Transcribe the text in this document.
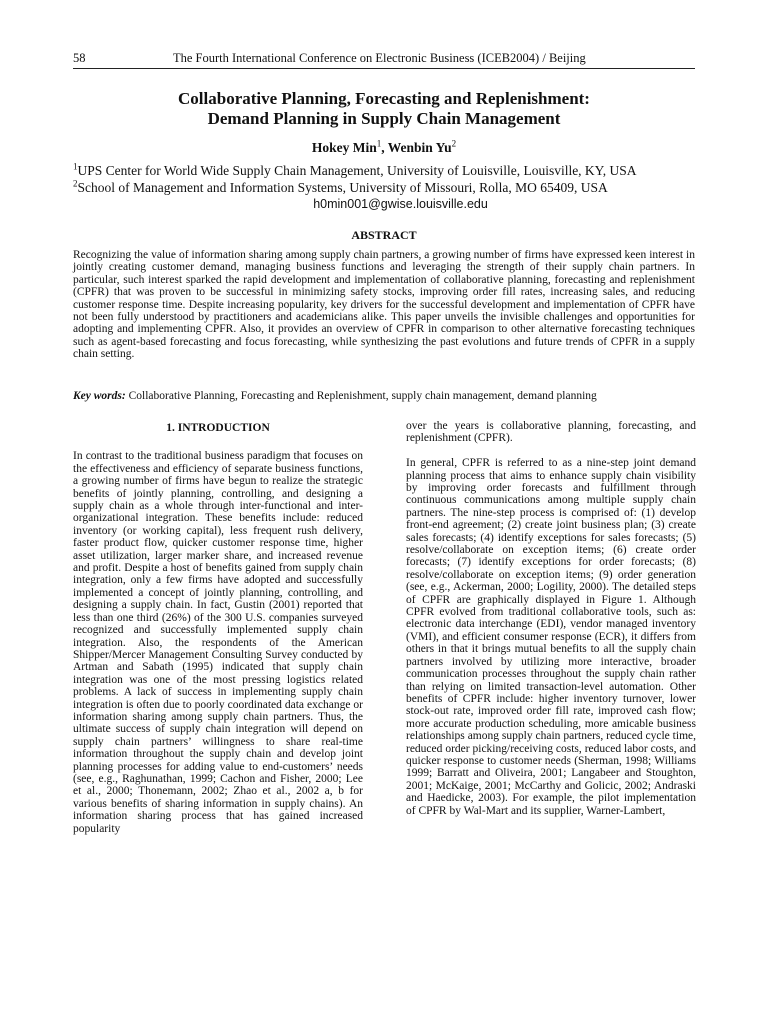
58	The Fourth International Conference on Electronic Business (ICEB2004) / Beijing
Collaborative Planning, Forecasting and Replenishment:
Demand Planning in Supply Chain Management
Hokey Min$^1$, Wenbin Yu$^2$
$^1$UPS Center for World Wide Supply Chain Management, University of Louisville, Louisville, KY, USA
$^2$School of Management and Information Systems, University of Missouri, Rolla, MO 65409, USA
h0min001@gwise.louisville.edu
ABSTRACT
Recognizing the value of information sharing among supply chain partners, a growing number of firms have expressed keen interest in jointly creating customer demand, managing business functions and leveraging the strength of their supply chain partners. In particular, such interest sparked the rapid development and implementation of collaborative planning, forecasting and replenishment (CPFR) that was proven to be successful in minimizing safety stocks, improving order fill rates, increasing sales, and reducing customer response time. Despite increasing popularity, key drivers for the successful development and implementation of CPFR have not been fully understood by practitioners and academicians alike. This paper unveils the invisible challenges and opportunities for adopting and implementing CPFR. Also, it provides an overview of CPFR in comparison to other alternative forecasting techniques such as agent-based forecasting and focus forecasting, while synthesizing the past evolutions and future trends of CPFR in a supply chain setting.
Key words: Collaborative Planning, Forecasting and Replenishment, supply chain management, demand planning
1. INTRODUCTION

In contrast to the traditional business paradigm that focuses on the effectiveness and efficiency of separate business functions, a growing number of firms have begun to realize the strategic benefits of jointly planning, controlling, and designing a supply chain as a whole through inter-functional and inter-organizational integration. These benefits include: reduced inventory (or working capital), less frequent rush delivery, faster product flow, quicker customer response time, higher asset utilization, larger marker share, and increased revenue and profit. Despite a host of benefits gained from supply chain integration, only a few firms have adopted and successfully implemented a concept of jointly planning, controlling, and designing a supply chain. In fact, Gustin (2001) reported that less than one third (26%) of the 300 U.S. companies surveyed recognized and successfully implemented supply chain integration. Also, the respondents of the American Shipper/Mercer Management Consulting Survey conducted by Artman and Sabath (1995) indicated that supply chain integration was one of the most pressing logistics related problems. A lack of success in implementing supply chain integration is often due to poorly coordinated data exchange or information sharing among supply chain partners. Thus, the ultimate success of supply chain integration will depend on supply chain partners’ willingness to share real-time information throughout the supply chain and develop joint planning processes for adding value to end-customers’ needs (see, e.g., Raghunathan, 1999; Cachon and Fisher, 2000; Lee et al., 2000; Thonemann, 2002; Zhao et al., 2002 a, b for various benefits of sharing information in supply chains). An information sharing process that has gained increased popularity

over the years is collaborative planning, forecasting, and replenishment (CPFR).

In general, CPFR is referred to as a nine-step joint demand planning process that aims to enhance supply chain visibility by improving order forecasts and fulfillment through continuous communications among multiple supply chain partners. The nine-step process is comprised of: (1) develop front-end agreement; (2) create joint business plan; (3) create sales forecasts; (4) identify exceptions for sales forecasts; (5) resolve/collaborate on exception items; (6) create order forecasts; (7) identify exceptions for order forecasts; (8) resolve/collaborate on exception items; (9) order generation (see, e.g., Ackerman, 2000; Logility, 2000). The detailed steps of CPFR are graphically displayed in Figure 1. Although CPFR evolved from traditional collaborative tools, such as: electronic data interchange (EDI), vendor managed inventory (VMI), and efficient consumer response (ECR), it differs from others in that it brings mutual benefits to all the supply chain partners involved by utilizing more interactive, broader communication processes throughout the supply chain rather than relying on limited transaction-level automation. Other benefits of CPFR include: higher inventory turnover, lower stock-out rate, improved order fill rate, improved cash flow; more accurate production scheduling, more amicable business relationships among supply chain partners, reduced cycle time, reduced order picking/receiving costs, reduced labor costs, and quicker response to customer needs (Sherman, 1998; Williams 1999; Barratt and Oliveira, 2001; Langabeer and Stoughton, 2001; McKaige, 2001; McCarthy and Golicic, 2002; Andraski and Haedicke, 2003). For example, the pilot implementation of CPFR by Wal-Mart and its supplier, Warner-Lambert,
